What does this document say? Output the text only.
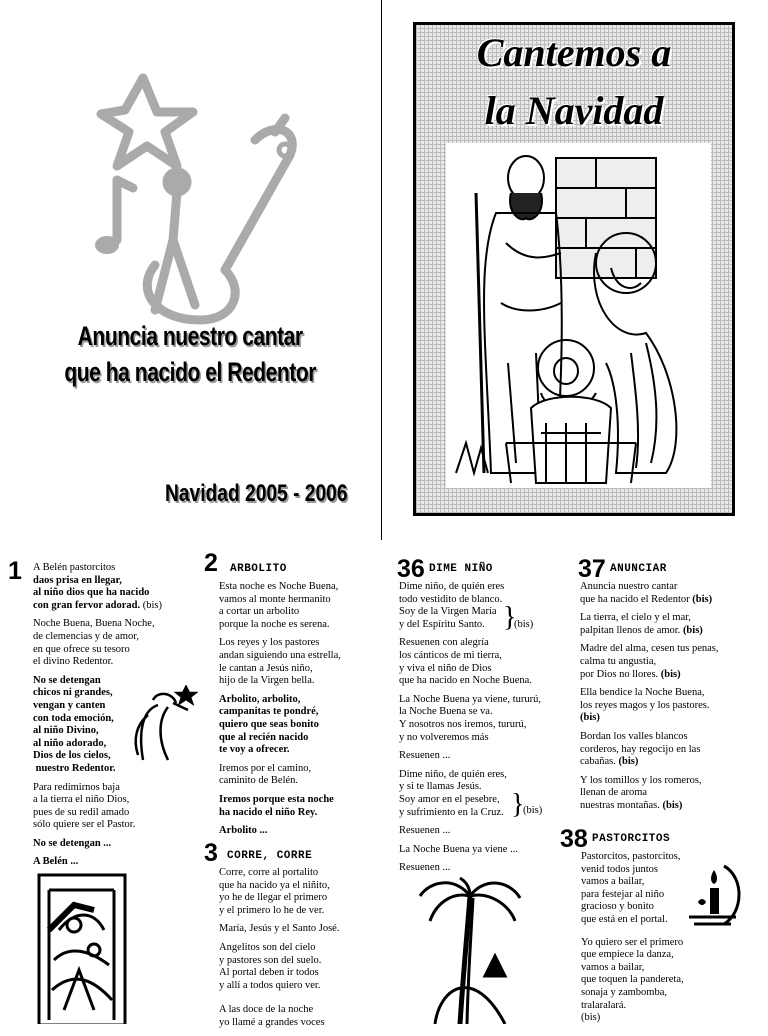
Anuncia nuestro cantar
que ha nacido el Redentor
Navidad 2005 - 2006
Cantemos a
la Navidad
1 A Belén pastorcitos
daos prisa en llegar,
al niño dios que ha nacido
con gran fervor adorad. (bis)

Noche Buena, Buena Noche,
de clemencias y de amor,
en que ofrece su tesoro
el divino Redentor.

No se detengan
chicos ni grandes,
vengan y canten
con toda emoción,
al niño Divino,
al niño adorado,
Dios de los cielos,
nuestro Redentor.

Para redimirnos baja
a la tierra el niño Dios,
pues de su redil amado
sólo quiere ser el Pastor.

No se detengan ...

A Belén ...

2 ARBOLITO

Esta noche es Noche Buena,
vamos al monte hermanito
a cortar un arbolito
porque la noche es serena.

Los reyes y los pastores
andan siguiendo una estrella,
le cantan a Jesús niño,
hijo de la Virgen bella.

Arbolito, arbolito,
campanitas te pondré,
quiero que seas bonito
que al recién nacido
te voy a ofrecer.

Iremos por el camino,
caminito de Belén.

Iremos porque esta noche
ha nacido el niño Rey.

Arbolito ...

3 CORRE, CORRE

Corre, corre al portalito
que ha nacido ya el niñito,
yo he de llegar el primero
y el primero lo he de ver.

María, Jesús y el Santo José.

Angelitos son del cielo
y pastores son del suelo.
Al portal deben ir todos
y allí a todos quiero ver.

A las doce de la noche
yo llamé a grandes voces

36 DIME NIÑO

Dime niño, de quién eres
todo vestidito de blanco.

Soy de la Virgen María
y del Espíritu Santo.

Resuenen con alegría
los cánticos de mi tierra,
y viva el niño de Dios
que ha nacido en Noche Buena.

La Noche Buena ya viene, tururú,
la Noche Buena se va.
Y nosotros nos iremos, tururú,
y no volveremos más

Resuenen ...

Dime niño, de quién eres,
y si te llamas Jesús.

Soy amor en el pesebre,
y sufrimiento en la Cruz.

Resuenen ...

La Noche Buena ya viene ...

Resuenen ...

}
(bis)
}
(bis)
37 ANUNCIAR

Anuncia nuestro cantar
que ha nacido el Redentor (bis)

La tierra, el cielo y el mar,
palpitan llenos de amor. (bis)

Madre del alma, cesen tus penas,
calma tu angustia,
por Dios no llores. (bis)

Ella bendice la Noche Buena,
los reyes magos y los pastores.
(bis)

Bordan los valles blancos
corderos, hay regocijo en las
cabañas. (bis)

Y los tomillos y los romeros,
llenan de aroma
nuestras montañas. (bis)

38 PASTORCITOS

Pastorcitos, pastorcitos,
venid todos juntos
vamos a bailar,
para festejar al niño
gracioso y bonito
que está en el portal.

Yo quiero ser el primero
que empiece la danza,
vamos a bailar,
que toquen la pandereta,
sonaja y zambomba,
tralaralará.
(bis)
